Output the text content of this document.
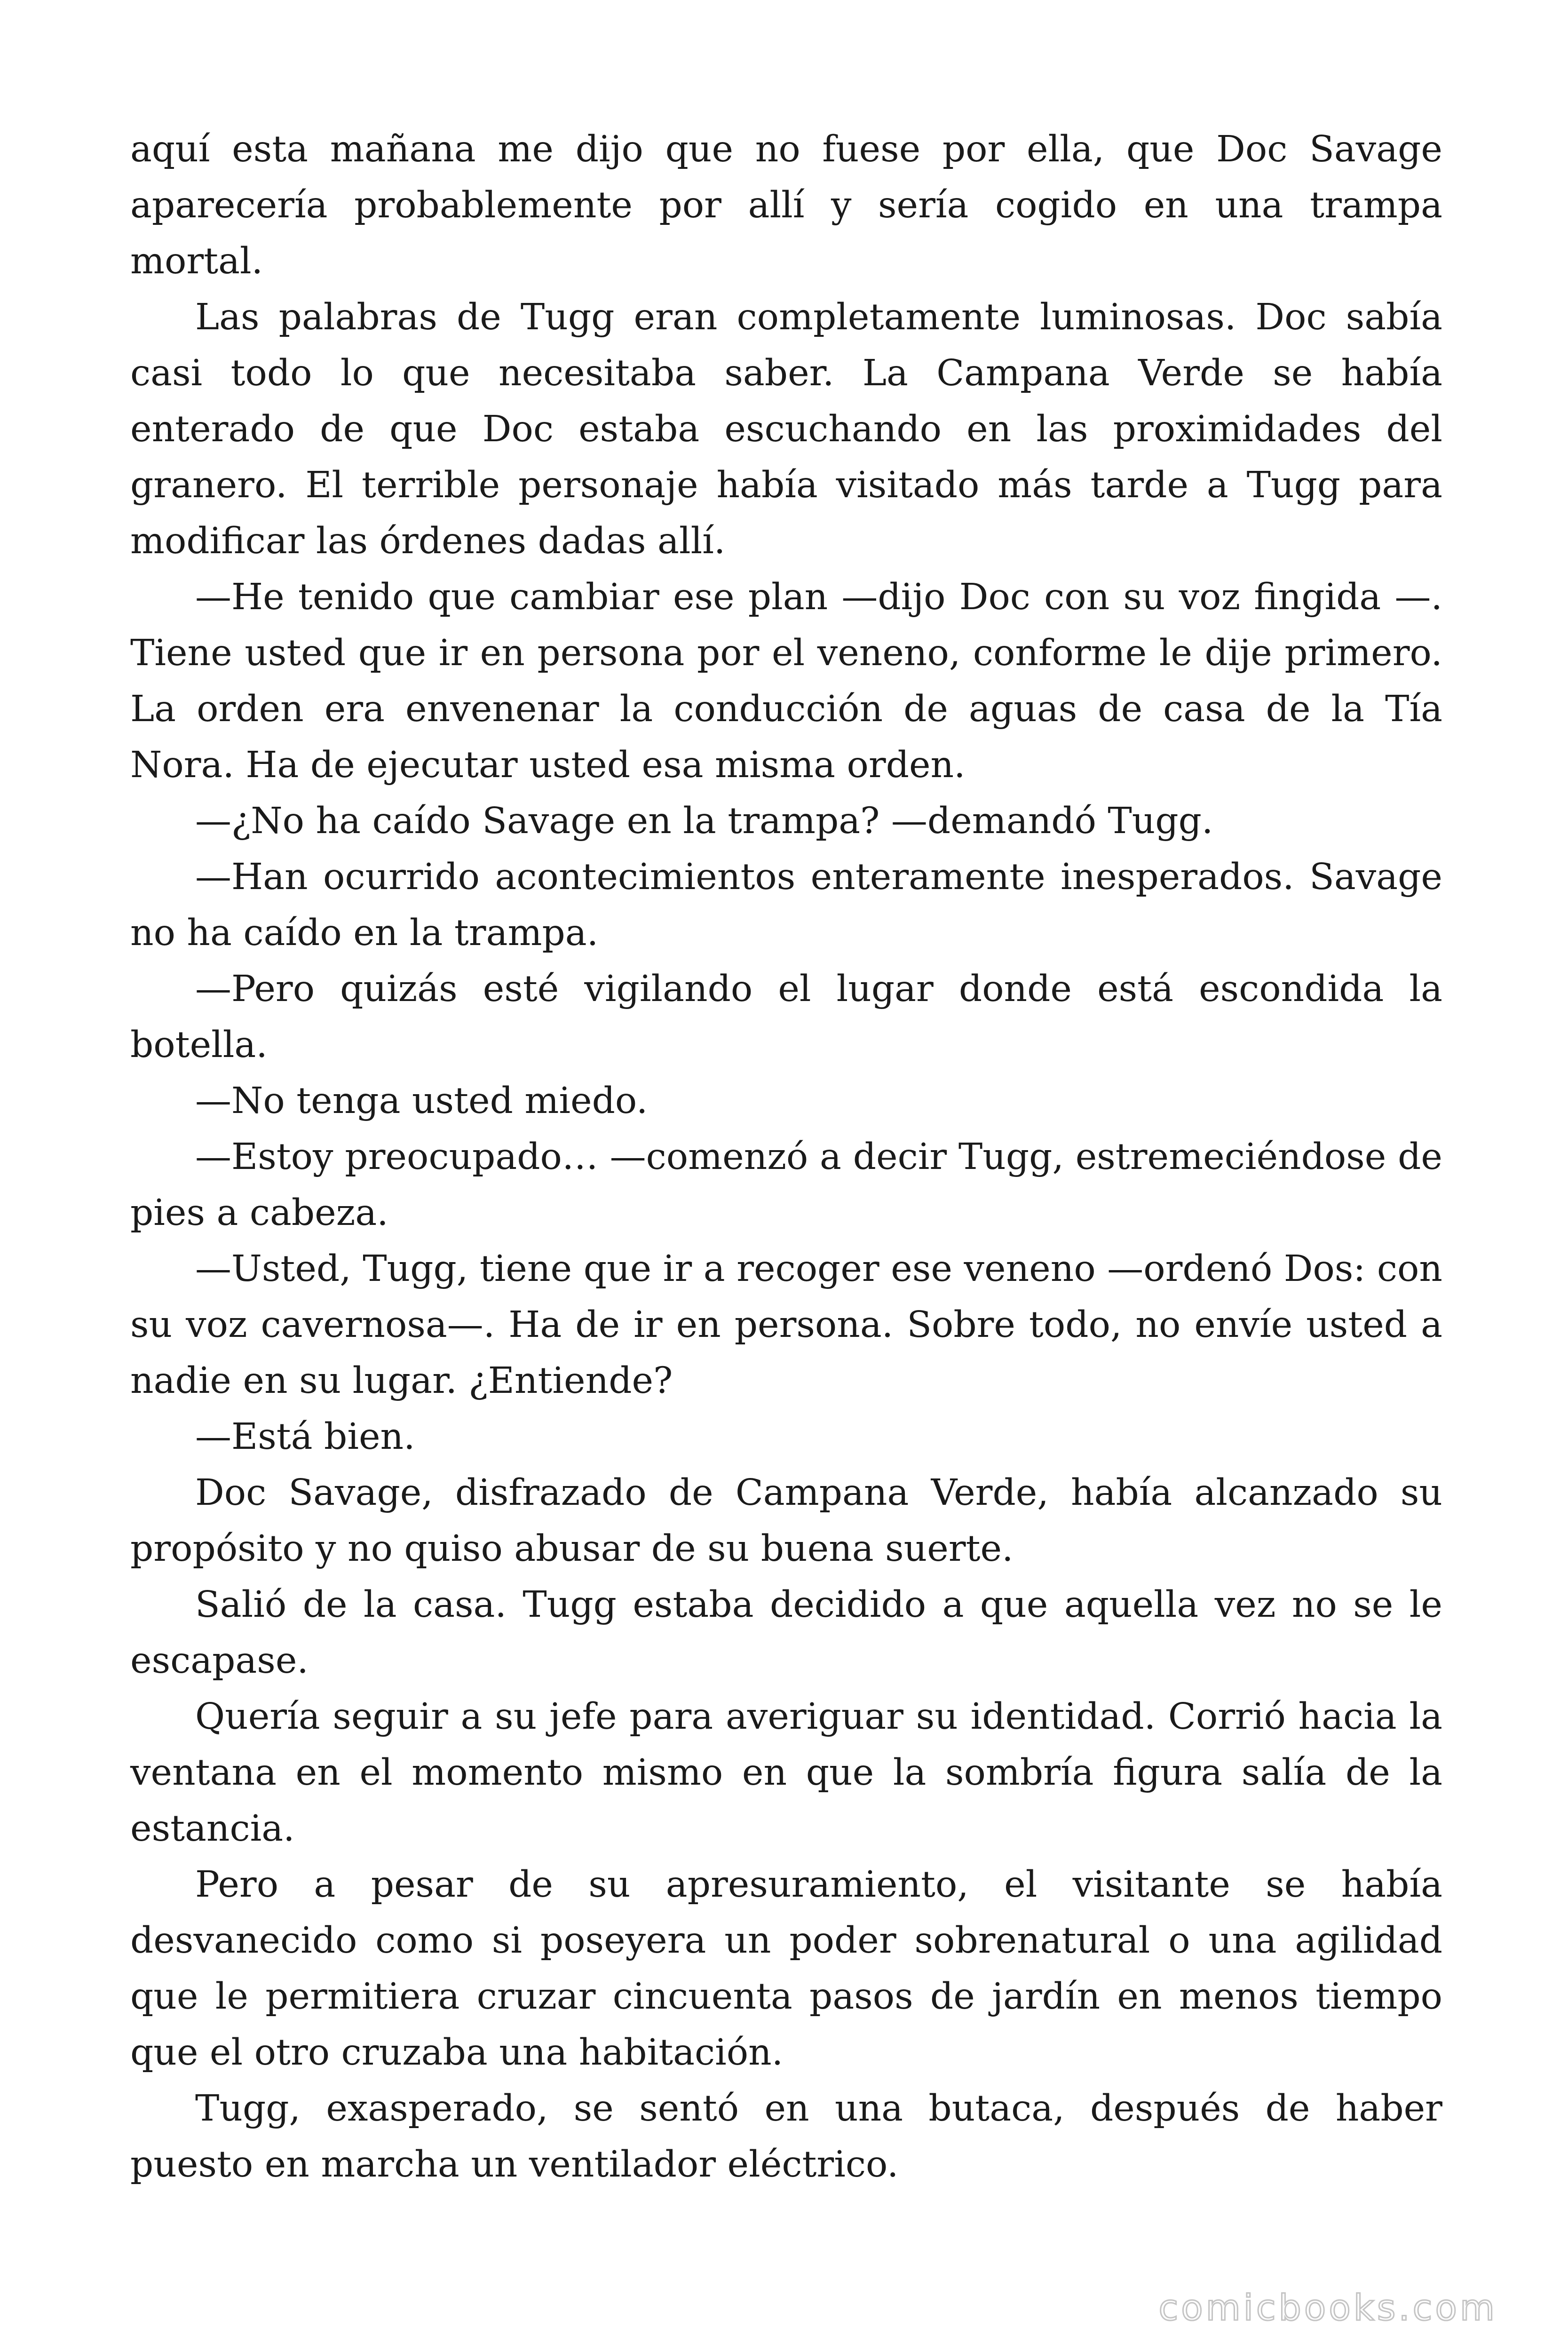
aquí esta mañana me dijo que no fuese por ella, que Doc Savage aparecería probablemente por allí y sería cogido en una trampa mortal.

Las palabras de Tugg eran completamente luminosas. Doc sabía casi todo lo que necesitaba saber. La Campana Verde se había enterado de que Doc estaba escuchando en las proximidades del granero. El terrible personaje había visitado más tarde a Tugg para modificar las órdenes dadas allí.

—He tenido que cambiar ese plan —dijo Doc con su voz fingida —. Tiene usted que ir en persona por el veneno, conforme le dije primero. La orden era envenenar la conducción de aguas de casa de la Tía Nora. Ha de ejecutar usted esa misma orden.

—¿No ha caído Savage en la trampa? —demandó Tugg.

—Han ocurrido acontecimientos enteramente inesperados. Savage no ha caído en la trampa.

—Pero quizás esté vigilando el lugar donde está escondida la botella.

—No tenga usted miedo.

—Estoy preocupado… —comenzó a decir Tugg, estremeciéndose de pies a cabeza.

—Usted, Tugg, tiene que ir a recoger ese veneno —ordenó Dos: con su voz cavernosa—. Ha de ir en persona. Sobre todo, no envíe usted a nadie en su lugar. ¿Entiende?

—Está bien.

Doc Savage, disfrazado de Campana Verde, había alcanzado su propósito y no quiso abusar de su buena suerte.

Salió de la casa. Tugg estaba decidido a que aquella vez no se le escapase.

Quería seguir a su jefe para averiguar su identidad. Corrió hacia la ventana en el momento mismo en que la sombría figura salía de la estancia.

Pero a pesar de su apresuramiento, el visitante se había desvanecido como si poseyera un poder sobrenatural o una agilidad que le permitiera cruzar cincuenta pasos de jardín en menos tiempo que el otro cruzaba una habitación.

Tugg, exasperado, se sentó en una butaca, después de haber puesto en marcha un ventilador eléctrico.

comicbooks.com
